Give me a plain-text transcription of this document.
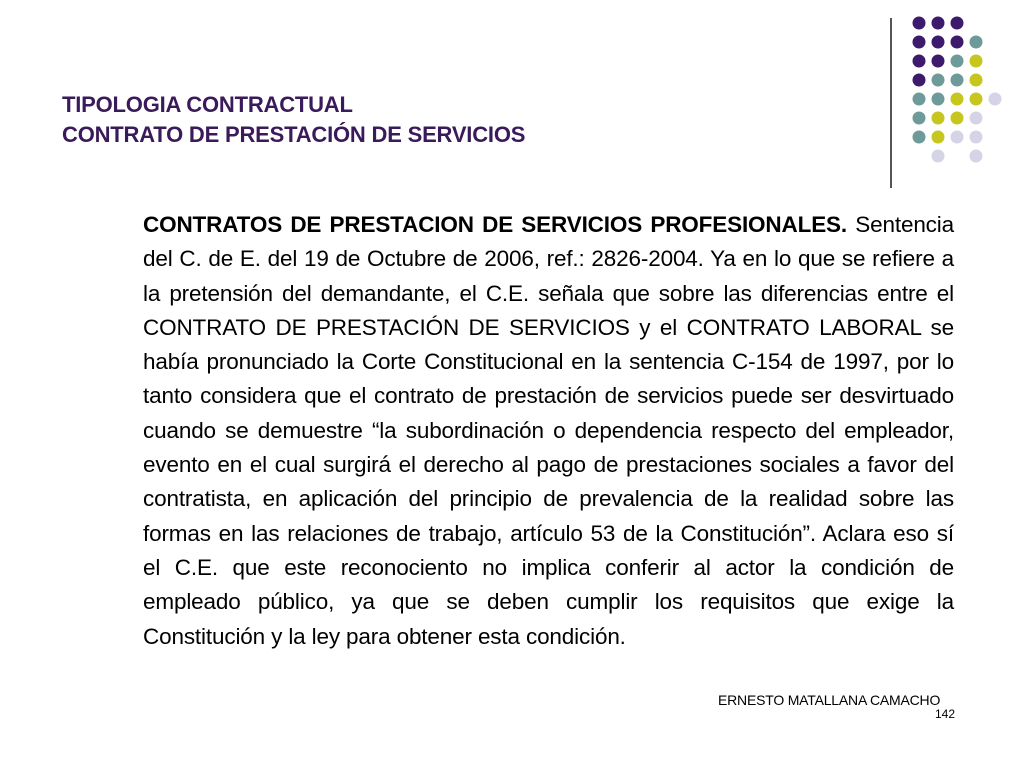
TIPOLOGIA CONTRACTUAL
CONTRATO DE PRESTACIÓN DE SERVICIOS
CONTRATOS DE PRESTACION DE SERVICIOS PROFESIONALES. Sentencia del C. de E. del 19 de Octubre de 2006, ref.: 2826-2004. Ya en lo que se refiere a la pretensión del demandante, el C.E. señala que sobre las diferencias entre el CONTRATO DE PRESTACIÓN DE SERVICIOS y el CONTRATO LABORAL se había pronunciado la Corte Constitucional en la sentencia C-154 de 1997, por lo tanto considera que el contrato de prestación de servicios puede ser desvirtuado cuando se demuestre “la subordinación o dependencia respecto del empleador, evento en el cual surgirá el derecho al pago de prestaciones sociales a favor del contratista, en aplicación del principio de prevalencia de la realidad sobre las formas en las relaciones de trabajo, artículo 53 de la Constitución”. Aclara eso sí el C.E. que este reconociento no implica conferir al actor la condición de empleado público, ya que se deben cumplir los requisitos que exige la Constitución y la ley para obtener esta condición.
ERNESTO MATALLANA CAMACHO
142
